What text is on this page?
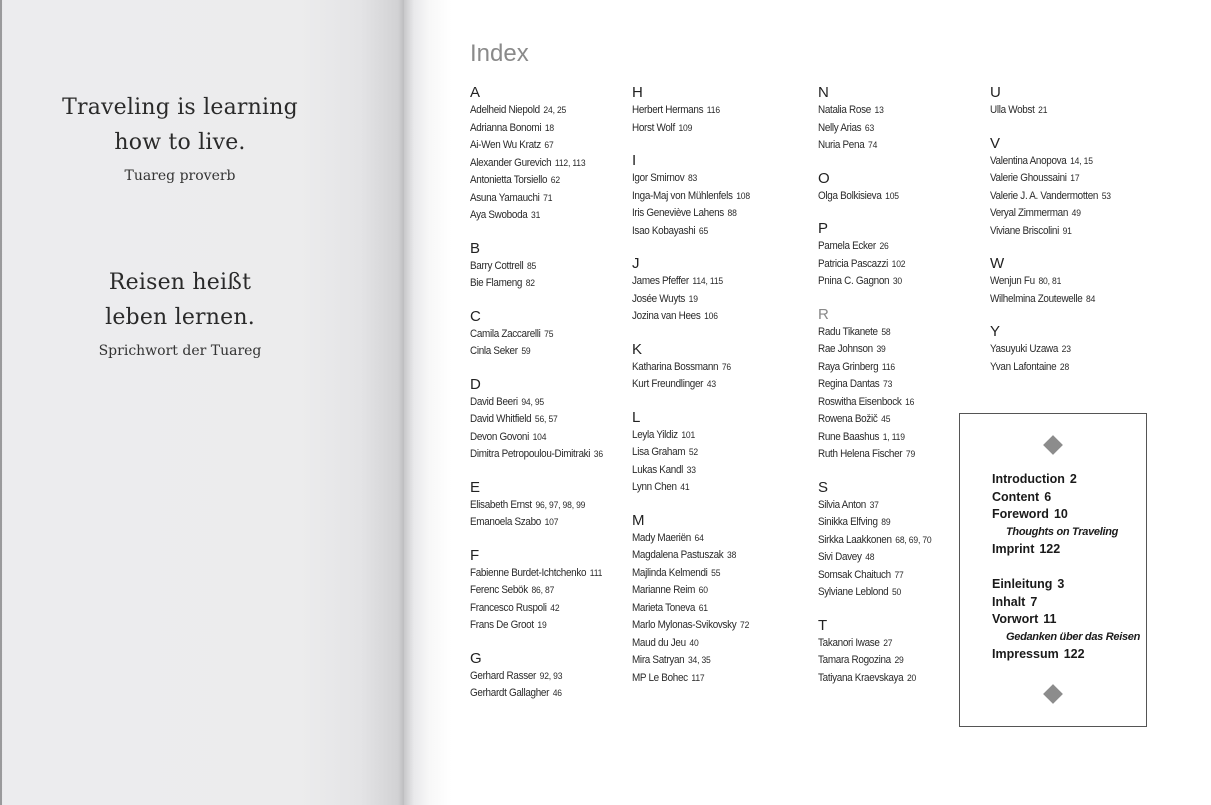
Traveling is learning
how to live.
Tuareg proverb
Reisen heißt
leben lernen.
Sprichwort der Tuareg
Index
A
Adelheid Niepold 24, 25
Adrianna Bonomi 18
Ai-Wen Wu Kratz 67
Alexander Gurevich 112, 113
Antonietta Torsiello 62
Asuna Yamauchi 71
Aya Swoboda 31
B
Barry Cottrell 85
Bie Flameng 82
C
Camila Zaccarelli 75
Cinla Seker 59
D
David Beeri 94, 95
David Whitfield 56, 57
Devon Govoni 104
Dimitra Petropoulou-Dimitraki 36
E
Elisabeth Ernst 96, 97, 98, 99
Emanoela Szabo 107
F
Fabienne Burdet-Ichtchenko 111
Ferenc Sebök 86, 87
Francesco Ruspoli 42
Frans De Groot 19
G
Gerhard Rasser 92, 93
Gerhardt Gallagher 46
H
Herbert Hermans 116
Horst Wolf 109
I
Igor Smirnov 83
Inga-Maj von Mühlenfels 108
Iris Geneviève Lahens 88
Isao Kobayashi 65
J
James Pfeffer 114, 115
Josée Wuyts 19
Jozina van Hees 106
K
Katharina Bossmann 76
Kurt Freundlinger 43
L
Leyla Yildiz 101
Lisa Graham 52
Lukas Kandl 33
Lynn Chen 41
M
Mady Maeriën 64
Magdalena Pastuszak 38
Majlinda Kelmendi 55
Marianne Reim 60
Marieta Toneva 61
Marlo Mylonas-Svikovsky 72
Maud du Jeu 40
Mira Satryan 34, 35
MP Le Bohec 117
N
Natalia Rose 13
Nelly Arias 63
Nuria Pena 74
O
Olga Bolkisieva 105
P
Pamela Ecker 26
Patricia Pascazzi 102
Pnina C. Gagnon 30
R
Radu Tikanete 58
Rae Johnson 39
Raya Grinberg 116
Regina Dantas 73
Roswitha Eisenbock 16
Rowena Božič 45
Rune Baashus 1, 119
Ruth Helena Fischer 79
S
Silvia Anton 37
Sinikka Elfving 89
Sirkka Laakkonen 68, 69, 70
Sivi Davey 48
Somsak Chaituch 77
Sylviane Leblond 50
T
Takanori Iwase 27
Tamara Rogozina 29
Tatiyana Kraevskaya 20
U
Ulla Wobst 21
V
Valentina Anopova 14, 15
Valerie Ghoussaini 17
Valerie J. A. Vandermotten 53
Veryal Zimmerman 49
Viviane Briscolini 91
W
Wenjun Fu 80, 81
Wilhelmina Zoutewelle 84
Y
Yasuyuki Uzawa 23
Yvan Lafontaine 28
Introduction 2
Content 6
Foreword 10
Thoughts on Traveling
Imprint 122
Einleitung 3
Inhalt 7
Vorwort 11
Gedanken über das Reisen
Impressum 122
